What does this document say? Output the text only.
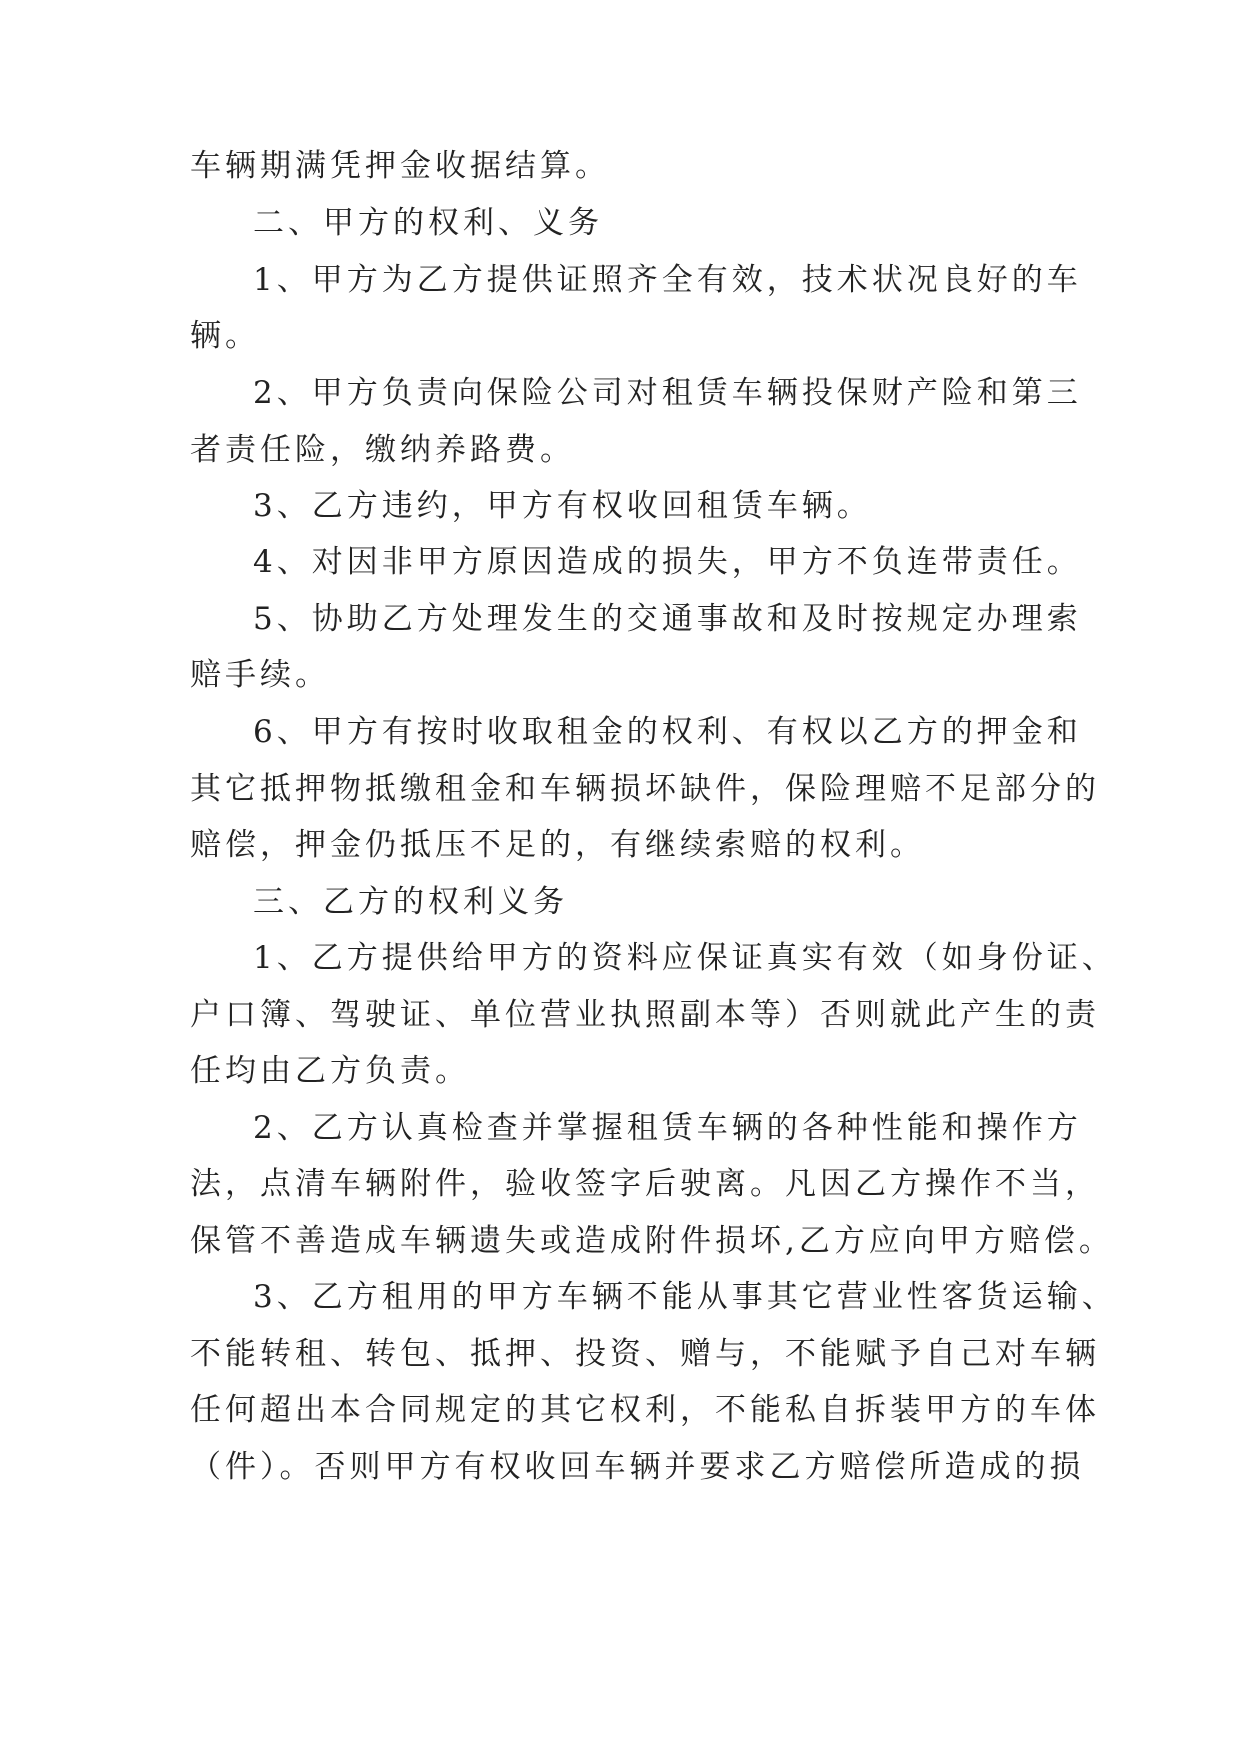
车辆期满凭押金收据结算。
二、甲方的权利、义务
1、甲方为乙方提供证照齐全有效，技术状况良好的车
辆。
2、甲方负责向保险公司对租赁车辆投保财产险和第三
者责任险，缴纳养路费。
3、乙方违约，甲方有权收回租赁车辆。
4、对因非甲方原因造成的损失，甲方不负连带责任。
5、协助乙方处理发生的交通事故和及时按规定办理索
赔手续。
6、甲方有按时收取租金的权利、有权以乙方的押金和
其它抵押物抵缴租金和车辆损坏缺件，保险理赔不足部分的
赔偿，押金仍抵压不足的，有继续索赔的权利。
三、乙方的权利义务
1、乙方提供给甲方的资料应保证真实有效（如身份证、
户口簿、驾驶证、单位营业执照副本等）否则就此产生的责
任均由乙方负责。
2、乙方认真检查并掌握租赁车辆的各种性能和操作方
法，点清车辆附件，验收签字后驶离。凡因乙方操作不当，
保管不善造成车辆遗失或造成附件损坏,乙方应向甲方赔偿。
3、乙方租用的甲方车辆不能从事其它营业性客货运输、
不能转租、转包、抵押、投资、赠与，不能赋予自己对车辆
任何超出本合同规定的其它权利，不能私自拆装甲方的车体
（件）。否则甲方有权收回车辆并要求乙方赔偿所造成的损
